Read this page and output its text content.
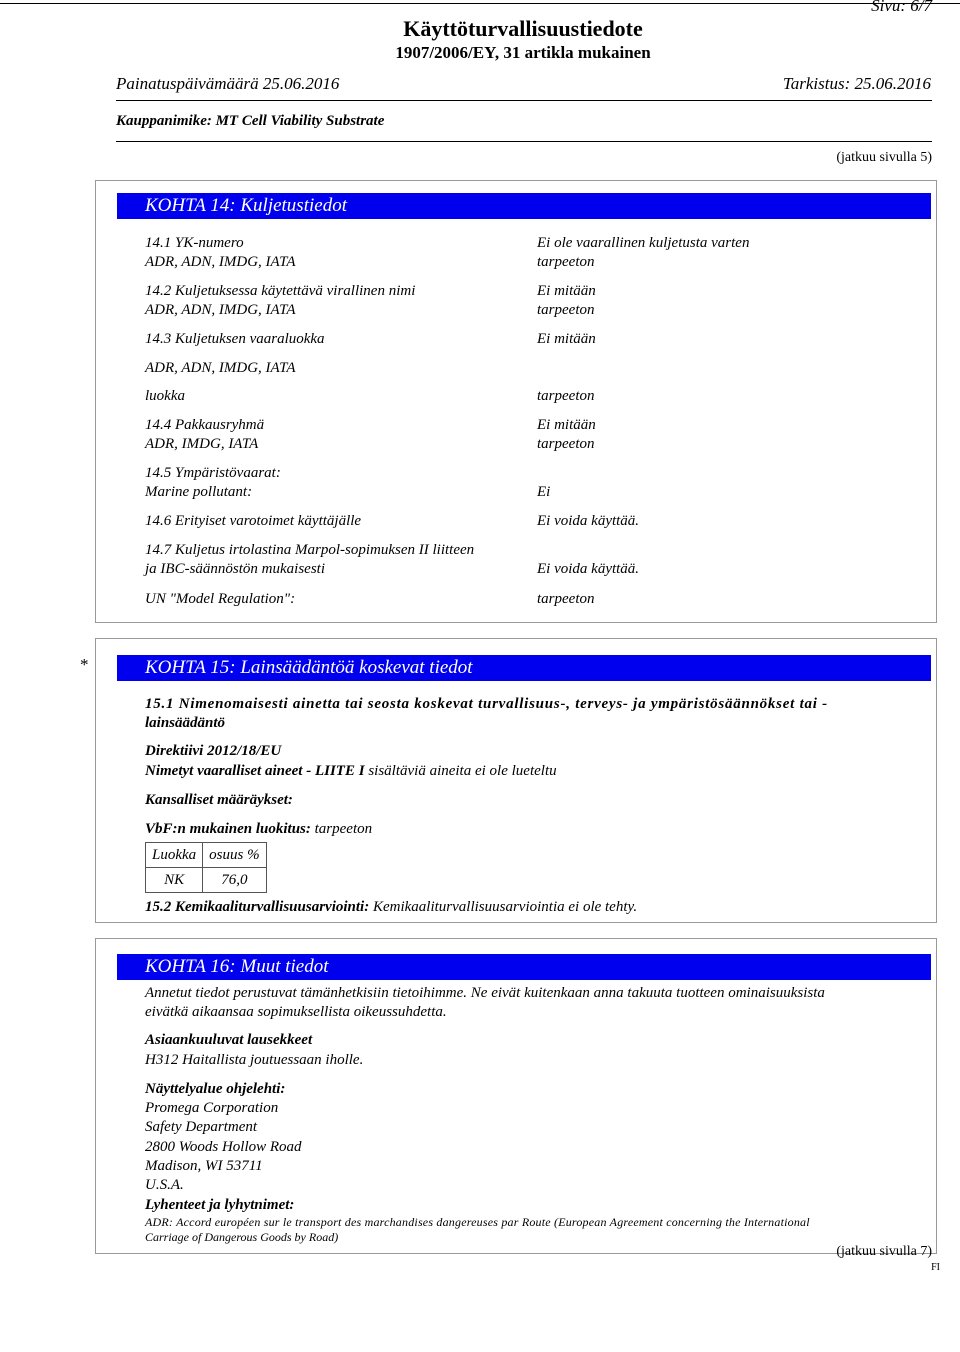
Sivu: 6/7
Käyttöturvallisuustiedote
1907/2006/EY, 31 artikla mukainen
Painatuspäivämäärä 25.06.2016	Tarkistus: 25.06.2016
Kauppanimike: MT Cell Viability Substrate
(jatkuu sivulla 5)
KOHTA 14: Kuljetustiedot
14.1 YK-numero	Ei ole vaarallinen kuljetusta varten
ADR, ADN, IMDG, IATA	tarpeeton
14.2 Kuljetuksessa käytettävä virallinen nimi	Ei mitään
ADR, ADN, IMDG, IATA	tarpeeton
14.3 Kuljetuksen vaaraluokka	Ei mitään
ADR, ADN, IMDG, IATA
luokka	tarpeeton
14.4 Pakkausryhmä	Ei mitään
ADR, IMDG, IATA	tarpeeton
14.5 Ympäristövaarat:
Marine pollutant:	Ei
14.6 Erityiset varotoimet käyttäjälle	Ei voida käyttää.
14.7 Kuljetus irtolastina Marpol-sopimuksen II liitteen
ja IBC-säännöstön mukaisesti	Ei voida käyttää.
UN "Model Regulation":	tarpeeton
*	KOHTA 15: Lainsäädäntöä koskevat tiedot
15.1 Nimenomaisesti ainetta tai seosta koskevat turvallisuus-, terveys- ja ympäristösäännökset tai -
lainsäädäntö
Direktiivi 2012/18/EU
Nimetyt vaaralliset aineet - LIITE I sisältäviä aineita ei ole lueteltu
Kansalliset määräykset:
VbF:n mukainen luokitus: tarpeeton
Luokka	osuus %
NK	76,0
15.2 Kemikaaliturvallisuusarviointi: Kemikaaliturvallisuusarviointia ei ole tehty.
KOHTA 16: Muut tiedot
Annetut tiedot perustuvat tämänhetkisiin tietoihimme. Ne eivät kuitenkaan anna takuuta tuotteen ominaisuuksista
eivätkä aikaansaa sopimuksellista oikeussuhdetta.
Asiaankuuluvat lausekkeet
H312 Haitallista joutuessaan iholle.
Näyttelyalue ohjelehti:
Promega Corporation
Safety Department
2800 Woods Hollow Road
Madison, WI 53711
U.S.A.
Lyhenteet ja lyhytnimet:
ADR: Accord européen sur le transport des marchandises dangereuses par Route (European Agreement concerning the International
Carriage of Dangerous Goods by Road)
(jatkuu sivulla 7)
FI
